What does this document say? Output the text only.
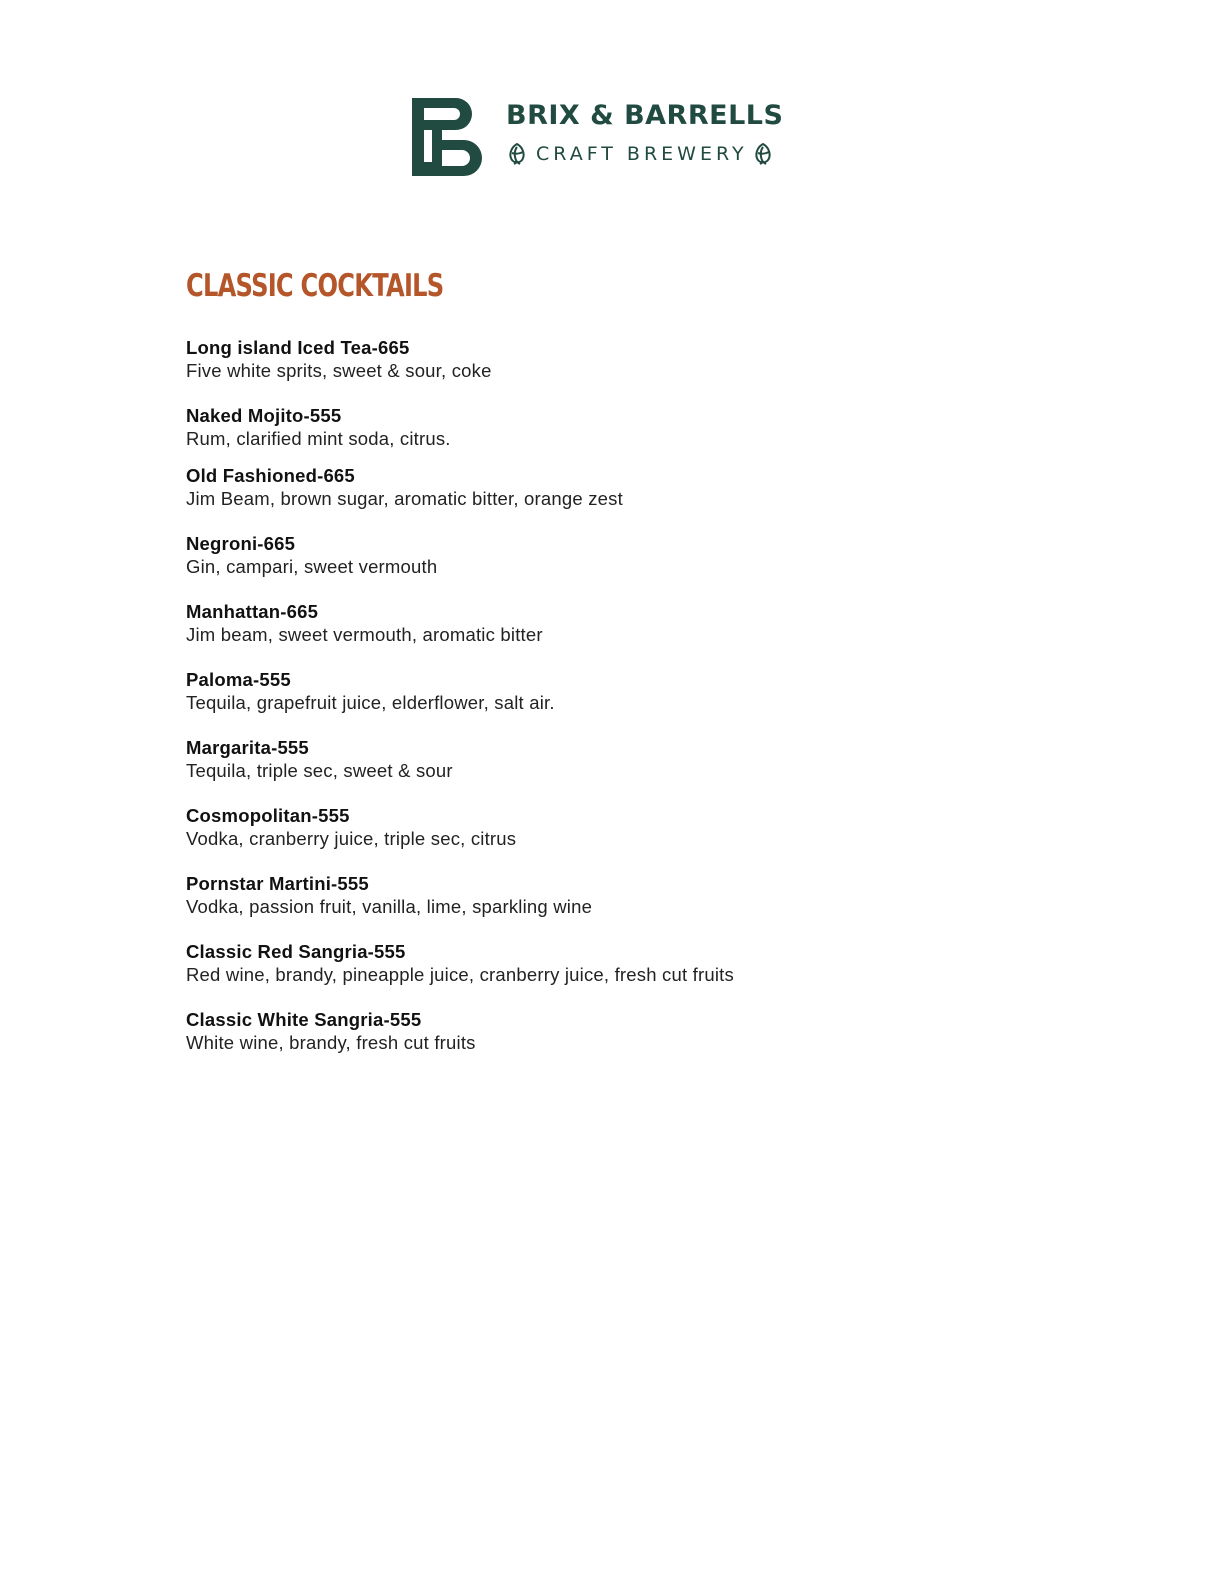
BRIX & BARRELLS
CRAFT BREWERY
CLASSIC COCKTAILS
Long island Iced Tea-665
Five white sprits, sweet & sour, coke
Naked Mojito-555
Rum, clarified mint soda, citrus.
Old Fashioned-665
Jim Beam, brown sugar, aromatic bitter, orange zest
Negroni-665
Gin, campari, sweet vermouth
Manhattan-665
Jim beam, sweet vermouth, aromatic bitter
Paloma-555
Tequila, grapefruit juice, elderflower, salt air.
Margarita-555
Tequila, triple sec, sweet & sour
Cosmopolitan-555
Vodka, cranberry juice, triple sec, citrus
Pornstar Martini-555
Vodka, passion fruit, vanilla, lime, sparkling wine
Classic Red Sangria-555
Red wine, brandy, pineapple juice, cranberry juice, fresh cut fruits
Classic White Sangria-555
White wine, brandy, fresh cut fruits
